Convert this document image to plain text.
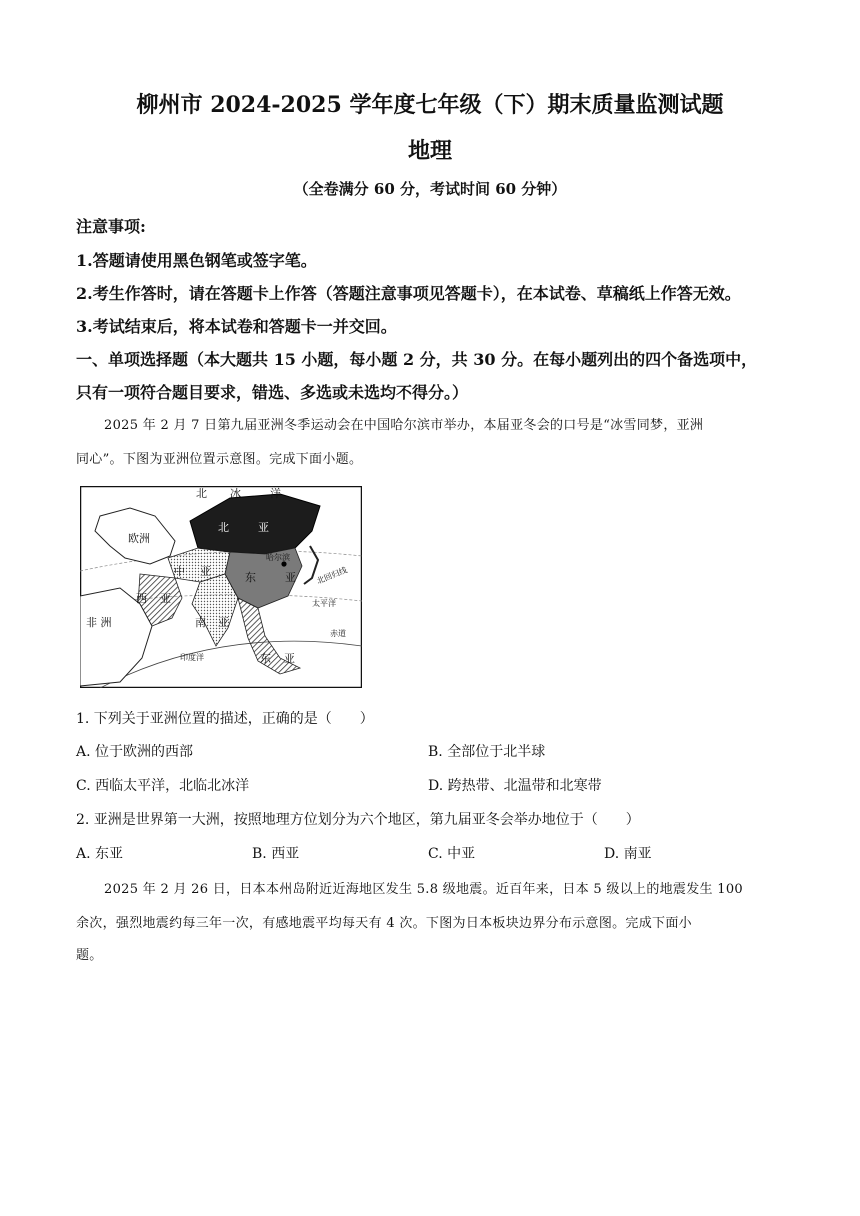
柳州市 2024-2025 学年度七年级（下）期末质量监测试题
地理
（全卷满分 60 分，考试时间 60 分钟）
注意事项:
1.答题请使用黑色钢笔或签字笔。
2.考生作答时，请在答题卡上作答（答题注意事项见答题卡），在本试卷、草稿纸上作答无效。
3.考试结束后，将本试卷和答题卡一并交回。
一、单项选择题（本大题共 15 小题，每小题 2 分，共 30 分。在每小题列出的四个备选项中，
只有一项符合题目要求，错选、多选或未选均不得分。）
2025 年 2 月 7 日第九届亚洲冬季运动会在中国哈尔滨市举办，本届亚冬会的口号是“冰雪同梦，亚洲
同心”。下图为亚洲位置示意图。完成下面小题。
北 冰	洋
欧洲
北	亚
中 亚	东	亚
西 亚
非 洲	南 亚
东 亚
哈尔滨
北回归线
太平洋
赤道
印度洋
1. 下列关于亚洲位置的描述，正确的是（　　）
A. 位于欧洲的西部	B. 全部位于北半球
C. 西临太平洋，北临北冰洋	D. 跨热带、北温带和北寒带
2. 亚洲是世界第一大洲，按照地理方位划分为六个地区，第九届亚冬会举办地位于（　　）
A. 东亚	B. 西亚	C. 中亚	D. 南亚
2025 年 2 月 26 日，日本本州岛附近近海地区发生 5.8 级地震。近百年来，日本 5 级以上的地震发生 100
余次，强烈地震约每三年一次，有感地震平均每天有 4 次。下图为日本板块边界分布示意图。完成下面小
题。
